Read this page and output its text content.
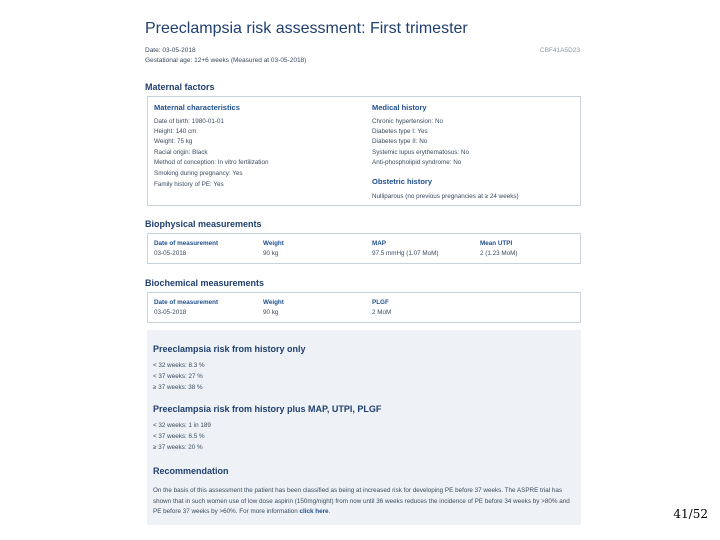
Preeclampsia risk assessment: First trimester
Date: 03-05-2018
Gestational age: 12+6 weeks (Measured at 03-05-2018)
CBF41A5D23
Maternal factors
Maternal characteristics
Date of birth: 1980-01-01
Height: 140 cm
Weight: 75 kg
Racial origin: Black
Method of conception: In vitro fertilization
Smoking during pregnancy: Yes
Family history of PE: Yes
Medical history
Chronic hypertension: No
Diabetes type I: Yes
Diabetes type II: No
Systemic lupus erythematosus: No
Anti-phospholipid syndrome: No
Obstetric history
Nulliparous (no previous pregnancies at ≥ 24 weeks)
Biophysical measurements
Date of measurement	Weight	MAP	Mean UTPI
03-05-2018	90 kg	97.5 mmHg (1.07 MoM)	2 (1.23 MoM)
Biochemical measurements
Date of measurement	Weight	PLGF
03-05-2018	90 kg	2 MoM
Preeclampsia risk from history only
< 32 weeks: 8.3 %
< 37 weeks: 27 %
≥ 37 weeks: 38 %
Preeclampsia risk from history plus MAP, UTPI, PLGF
< 32 weeks: 1 in 189
< 37 weeks: 6.5 %
≥ 37 weeks: 20 %
Recommendation
On the basis of this assessment the patient has been classified as being at increased risk for developing PE before 37 weeks. The ASPRE trial has shown that in such women use of low dose aspirin (150mg/night) from now until 36 weeks reduces the incidence of PE before 34 weeks by >80% and PE before 37 weeks by >60%. For more information click here.	41/52
